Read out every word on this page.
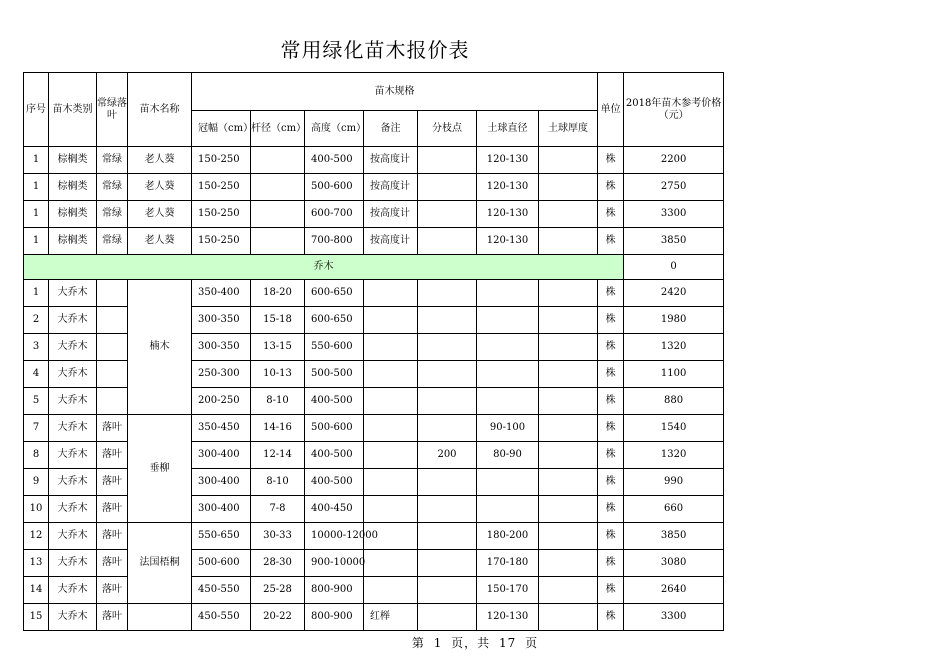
常用绿化苗木报价表
序号	苗木类别	常绿落叶	苗木名称	苗木规格							单位	2018年苗木参考价格（元）
				冠幅（cm）	杆径（cm）	高度（cm）	备注	分枝点	土球直径	土球厚度		
1	棕榈类	常绿	老人葵	150-250		400-500	按高度计		120-130		株	2200
1	棕榈类	常绿	老人葵	150-250		500-600	按高度计		120-130		株	2750
1	棕榈类	常绿	老人葵	150-250		600-700	按高度计		120-130		株	3300
1	棕榈类	常绿	老人葵	150-250		700-800	按高度计		120-130		株	3850
乔木												0
1	大乔木		楠木	350-400	18-20	600-650					株	2420
2	大乔木			300-350	15-18	600-650					株	1980
3	大乔木			300-350	13-15	550-600					株	1320
4	大乔木			250-300	10-13	500-500					株	1100
5	大乔木			200-250	8-10	400-500					株	880
7	大乔木	落叶	垂柳	350-450	14-16	500-600			90-100		株	1540
8	大乔木	落叶		300-400	12-14	400-500		200	80-90		株	1320
9	大乔木	落叶		300-400	8-10	400-500					株	990
10	大乔木	落叶		300-400	7-8	400-450					株	660
12	大乔木	落叶	法国梧桐	550-650	30-33	10000-12000			180-200		株	3850
13	大乔木	落叶		500-600	28-30	900-10000			170-180		株	3080
14	大乔木	落叶		450-550	25-28	800-900			150-170		株	2640
15	大乔木	落叶		450-550	20-22	800-900	红榉		120-130		株	3300
第 1 页，共 17 页
